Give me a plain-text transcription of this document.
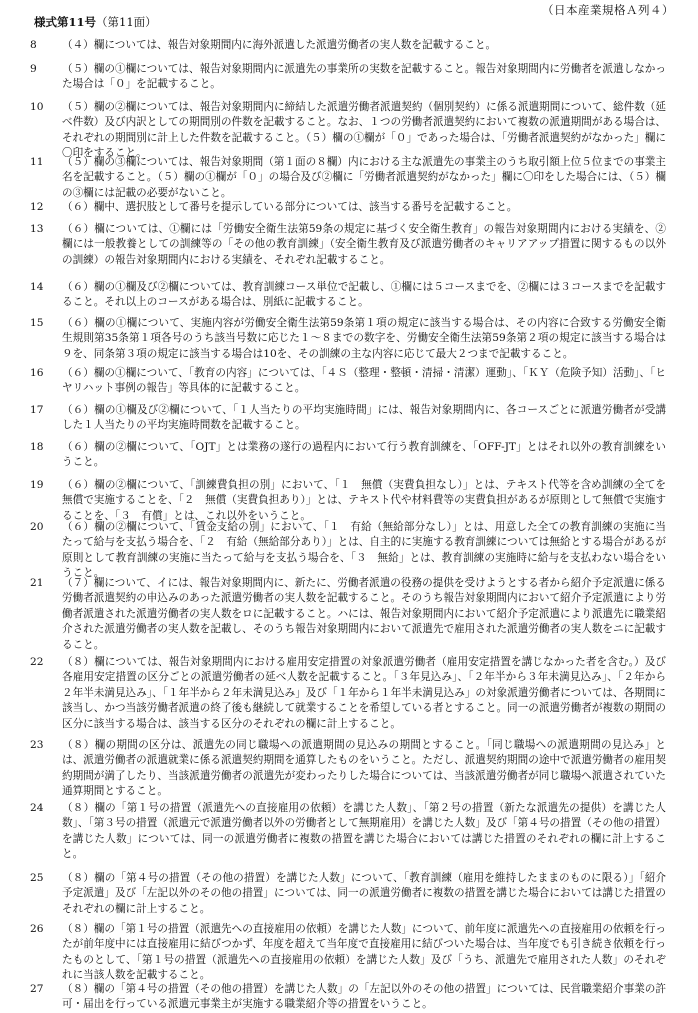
（日本産業規格Ａ列４）
様式第11号（第11面）
8	（４）欄については、報告対象期間内に海外派遣した派遣労働者の実人数を記載すること。
9	（５）欄の①欄については、報告対象期間内に派遣先の事業所の実数を記載すること。報告対象期間内に労働者を派遣しなかった場合は「０」を記載すること。
10	（５）欄の②欄については、報告対象期間内に締結した派遣労働者派遣契約（個別契約）に係る派遣期間について、総件数（延べ件数）及び内訳としての期間別の件数を記載すること。なお、１つの労働者派遣契約において複数の派遣期間がある場合は、それぞれの期間別に計上した件数を記載すること。（５）欄の①欄が「０」であった場合は、「労働者派遣契約がなかった」欄に〇印をすること。
11	（５）欄の③欄については、報告対象期間（第１面の８欄）内における主な派遣先の事業主のうち取引額上位５位までの事業主名を記載すること。（５）欄の①欄が「０」の場合及び②欄に「労働者派遣契約がなかった」欄に〇印をした場合には、（５）欄の③欄には記載の必要がないこと。
12	（６）欄中、選択肢として番号を提示している部分については、該当する番号を記載すること。
13	（６）欄については、①欄には「労働安全衛生法第59条の規定に基づく安全衛生教育」の報告対象期間内における実績を、②欄には一般教養としての訓練等の「その他の教育訓練」（安全衛生教育及び派遣労働者のキャリアアップ措置に関するもの以外の訓練）の報告対象期間内における実績を、それぞれ記載すること。
14	（６）欄の①欄及び②欄については、教育訓練コース単位で記載し、①欄には５コースまでを、②欄には３コースまでを記載すること。それ以上のコースがある場合は、別紙に記載すること。
15	（６）欄の①欄について、実施内容が労働安全衛生法第59条第１項の規定に該当する場合は、その内容に合致する労働安全衛生規則第35条第１項各号のうち該当号数に応じた１～８までの数字を、労働安全衛生法第59条第２項の規定に該当する場合は９を、同条第３項の規定に該当する場合は10を、その訓練の主な内容に応じて最大２つまで記載すること。
16	（６）欄の①欄について、「教育の内容」については、「４Ｓ（整理・整頓・清掃・清潔）運動」、「ＫＹ（危険予知）活動」、「ヒヤリハット事例の報告」等具体的に記載すること。
17	（６）欄の①欄及び②欄について、「１人当たりの平均実施時間」には、報告対象期間内に、各コースごとに派遣労働者が受講した１人当たりの平均実施時間数を記載すること。
18	（６）欄の②欄について、「OJT」とは業務の遂行の過程内において行う教育訓練を、「OFF-JT」とはそれ以外の教育訓練をいうこと。
19	（６）欄の②欄について、「訓練費負担の別」において、「１　無償（実費負担なし）」とは、テキスト代等を含め訓練の全てを無償で実施することを、「２　無償（実費負担あり）」とは、テキスト代や材料費等の実費負担があるが原則として無償で実施することを、「３　有償」とは、これ以外をいうこと。
20	（６）欄の②欄について、「賃金支給の別」において、「１　有給（無給部分なし）」とは、用意した全ての教育訓練の実施に当たって給与を支払う場合を、「２　有給（無給部分あり）」とは、自主的に実施する教育訓練については無給とする場合があるが原則として教育訓練の実施に当たって給与を支払う場合を、「３　無給」とは、教育訓練の実施時に給与を支払わない場合をいうこと。
21	（７）欄について、イには、報告対象期間内に、新たに、労働者派遣の役務の提供を受けようとする者から紹介予定派遣に係る労働者派遣契約の申込みのあった派遣労働者の実人数を記載すること。そのうち報告対象期間内において紹介予定派遣により労働者派遣された派遣労働者の実人数をロに記載すること。ハには、報告対象期間内において紹介予定派遣により派遣先に職業紹介された派遣労働者の実人数を記載し、そのうち報告対象期間内において派遣先で雇用された派遣労働者の実人数をニに記載すること。
22	（８）欄については、報告対象期間内における雇用安定措置の対象派遣労働者（雇用安定措置を講じなかった者を含む。）及び各雇用安定措置の区分ごとの派遣労働者の延べ人数を記載すること。「３年見込み」、「２年半から３年未満見込み」、「２年から２年半未満見込み」、「１年半から２年未満見込み」及び「１年から１年半未満見込み」の対象派遣労働者については、各期間に該当し、かつ当該労働者派遣の終了後も継続して就業することを希望している者とすること。同一の派遣労働者が複数の期間の区分に該当する場合は、該当する区分のそれぞれの欄に計上すること。
23	（８）欄の期間の区分は、派遣先の同じ職場への派遣期間の見込みの期間とすること。「同じ職場への派遣期間の見込み」とは、派遣労働者の派遣就業に係る派遣契約期間を通算したものをいうこと。ただし、派遣契約期間の途中で派遣労働者の雇用契約期間が満了したり、当該派遣労働者の派遣先が変わったりした場合については、当該派遣労働者が同じ職場へ派遣されていた通算期間とすること。
24	（８）欄の「第１号の措置（派遣先への直接雇用の依頼）を講じた人数」、「第２号の措置（新たな派遣先の提供）を講じた人数」、「第３号の措置（派遣元で派遣労働者以外の労働者として無期雇用）を講じた人数」及び「第４号の措置（その他の措置）を講じた人数」については、同一の派遣労働者に複数の措置を講じた場合においては講じた措置のそれぞれの欄に計上すること。
25	（８）欄の「第４号の措置（その他の措置）を講じた人数」について、「教育訓練（雇用を維持したままのものに限る）」「紹介予定派遣」及び「左記以外のその他の措置」については、同一の派遣労働者に複数の措置を講じた場合においては講じた措置のそれぞれの欄に計上すること。
26	（８）欄の「第１号の措置（派遣先への直接雇用の依頼）を講じた人数」について、前年度に派遣先への直接雇用の依頼を行ったが前年度中には直接雇用に結びつかず、年度を超えて当年度で直接雇用に結びついた場合は、当年度でも引き続き依頼を行ったものとして、「第１号の措置（派遣先への直接雇用の依頼）を講じた人数」及び「うち、派遣先で雇用された人数」のそれぞれに当該人数を記載すること。
27	（８）欄の「第４号の措置（その他の措置）を講じた人数」の「左記以外のその他の措置」については、民営職業紹介事業の許可・届出を行っている派遣元事業主が実施する職業紹介等の措置をいうこと。
